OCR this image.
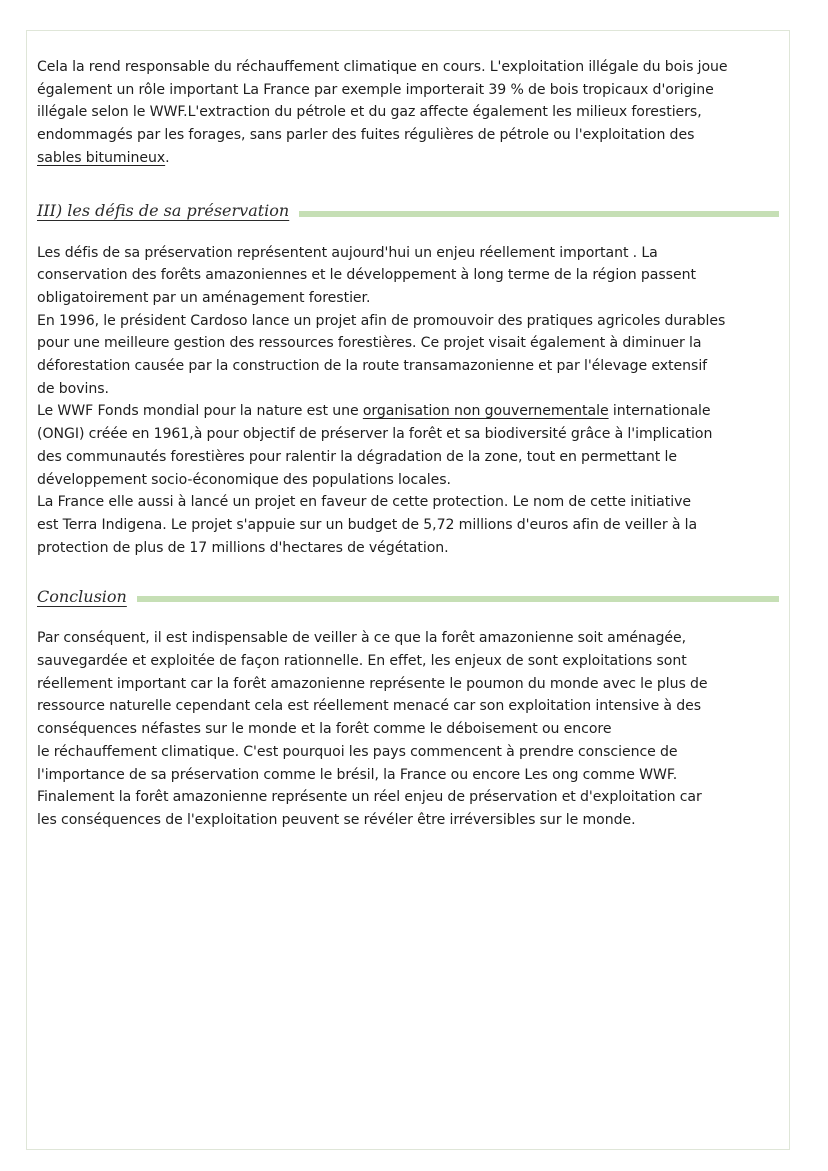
Cela la rend responsable du réchauffement climatique en cours. L'exploitation illégale du bois joue
également un rôle important La France par exemple importerait 39 % de bois tropicaux d'origine
illégale selon le WWF.L'extraction du pétrole et du gaz affecte également les milieux forestiers,
endommagés par les forages, sans parler des fuites régulières de pétrole ou l'exploitation des
sables bitumineux.

III) les défis de sa préservation

Les défis de sa préservation représentent aujourd'hui un enjeu réellement important . La
conservation des forêts amazoniennes et le développement à long terme de la région passent
obligatoirement par un aménagement forestier.
En 1996, le président Cardoso lance un projet afin de promouvoir des pratiques agricoles durables
pour une meilleure gestion des ressources forestières. Ce projet visait également à diminuer la
déforestation causée par la construction de la route transamazonienne et par l'élevage extensif
de bovins.
Le WWF Fonds mondial pour la nature est une organisation non gouvernementale internationale
(ONGI) créée en 1961,à pour objectif de préserver la forêt et sa biodiversité grâce à l'implication
des communautés forestières pour ralentir la dégradation de la zone, tout en permettant le
développement socio-économique des populations locales.
La France elle aussi à lancé un projet en faveur de cette protection. Le nom de cette initiative
est Terra Indigena. Le projet s'appuie sur un budget de 5,72 millions d'euros afin de veiller à la
protection de plus de 17 millions d'hectares de végétation.

Conclusion

Par conséquent, il est indispensable de veiller à ce que la forêt amazonienne soit aménagée,
sauvegardée et exploitée de façon rationnelle. En effet, les enjeux de sont exploitations sont
réellement important car la forêt amazonienne représente le poumon du monde avec le plus de
ressource naturelle cependant cela est réellement menacé car son exploitation intensive à des
conséquences néfastes sur le monde et la forêt comme le déboisement ou encore
le réchauffement climatique. C'est pourquoi les pays commencent à prendre conscience de
l'importance de sa préservation comme le brésil, la France ou encore Les ong comme WWF.
Finalement la forêt amazonienne représente un réel enjeu de préservation et d'exploitation car
les conséquences de l'exploitation peuvent se révéler être irréversibles sur le monde.
